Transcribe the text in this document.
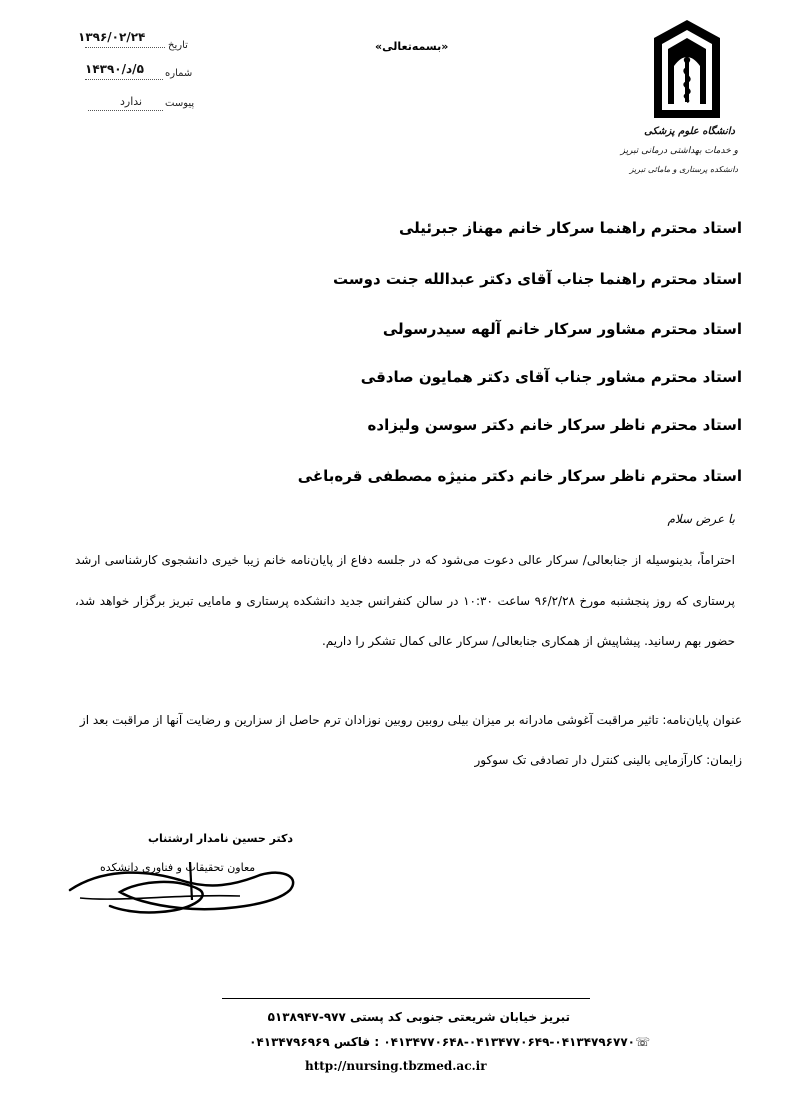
تاریخ
۱۳۹۶/۰۲/۲۴
شماره
۵/د/۱۴۳۹۰
پیوست
ندارد
«بسمه‌تعالی»
دانشگاه علوم پزشکی
و خدمات بهداشتی درمانی تبریز
دانشکده پرستاری و مامائی تبریز
استاد محترم راهنما سرکار خانم مهناز جبرئیلی
استاد محترم راهنما جناب آقای دکتر عبدالله جنت دوست
استاد محترم مشاور سرکار خانم آلهه سیدرسولی
استاد محترم مشاور جناب آقای دکتر همایون صادقی
استاد محترم ناظر سرکار خانم دکتر سوسن ولیزاده
استاد محترم ناظر سرکار خانم دکتر منیژه مصطفی قره‌باغی
با عرض سلام
احتراماً، بدینوسیله از جنابعالی/ سرکار عالی دعوت می‌شود که در جلسه دفاع از پایان‌نامه خانم زیبا خیری دانشجوی کارشناسی ارشد پرستاری که روز پنجشنبه مورخ ۹۶/۲/۲۸ ساعت ۱۰:۳۰ در سالن کنفرانس جدید دانشکده پرستاری و مامایی تبریز برگزار خواهد شد، حضور بهم رسانید. پیشاپیش از همکاری جنابعالی/ سرکار عالی کمال تشکر را داریم.
عنوان پایان‌نامه: تاثیر مراقبت آغوشی مادرانه بر میزان بیلی روبین روبین نوزادان ترم حاصل از سزارین و رضایت آنها از مراقبت بعد از زایمان: کارآزمایی بالینی کنترل دار تصادفی تک سوکور
دکتر حسین نامدار ارشتناب
معاون تحقیقات و فناوری دانشکده
تبریز خیابان شریعتی جنوبی کد پستی ۹۷۷-۵۱۳۸۹۴۷
☏۰۴۱۳۴۷۷۰۶۴۸-۰۴۱۳۴۷۷۰۶۴۹-۰۴۱۳۴۷۹۶۷۷۰ : فاکس ۰۴۱۳۴۷۹۶۹۶۹
http://nursing.tbzmed.ac.ir
